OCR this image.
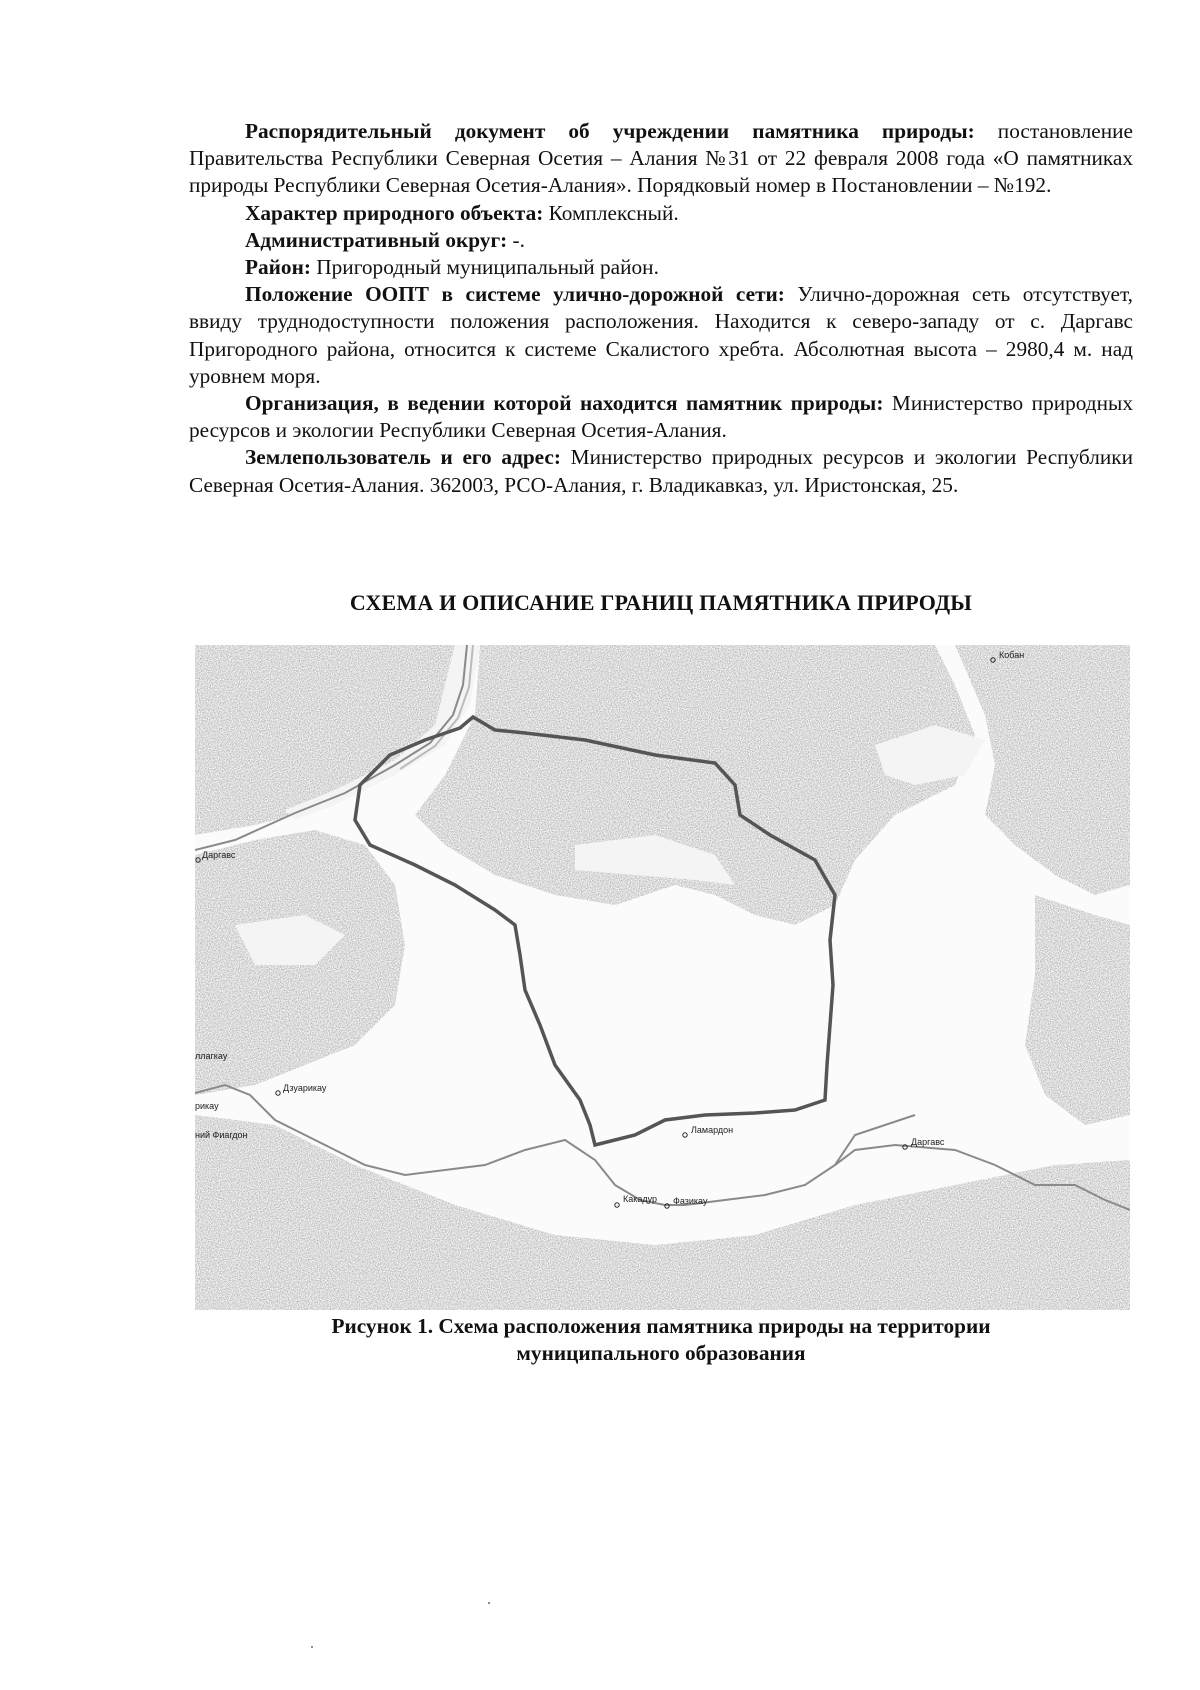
Распорядительный документ об учреждении памятника природы: постановление Правительства Республики Северная Осетия – Алания №31 от 22 февраля 2008 года «О памятниках природы Республики Северная Осетия-Алания». Порядковый номер в Постановлении – №192.

Характер природного объекта: Комплексный.

Административный округ: -.

Район: Пригородный муниципальный район.

Положение ООПТ в системе улично-дорожной сети: Улично-дорожная сеть отсутствует, ввиду труднодоступности положения расположения. Находится к северо-западу от с. Даргавс Пригородного района, относится к системе Скалистого хребта. Абсолютная высота – 2980,4 м. над уровнем моря.

Организация, в ведении которой находится памятник природы: Министерство природных ресурсов и экологии Республики Северная Осетия-Алания.

Землепользователь и его адрес: Министерство природных ресурсов и экологии Республики Северная Осетия-Алания. 362003, РСО-Алания, г. Владикавказ, ул. Иристонская, 25.

СХЕМА И ОПИСАНИЕ ГРАНИЦ ПАМЯТНИКА ПРИРОДЫ
Кобан
Даргавс
ллагкау
Дзуарикау
рикау
ний Фиагдон	Ламардон
Даргавс
Какадур Фазикау
Рисунок 1. Схема расположения памятника природы на территории
муниципального образования
